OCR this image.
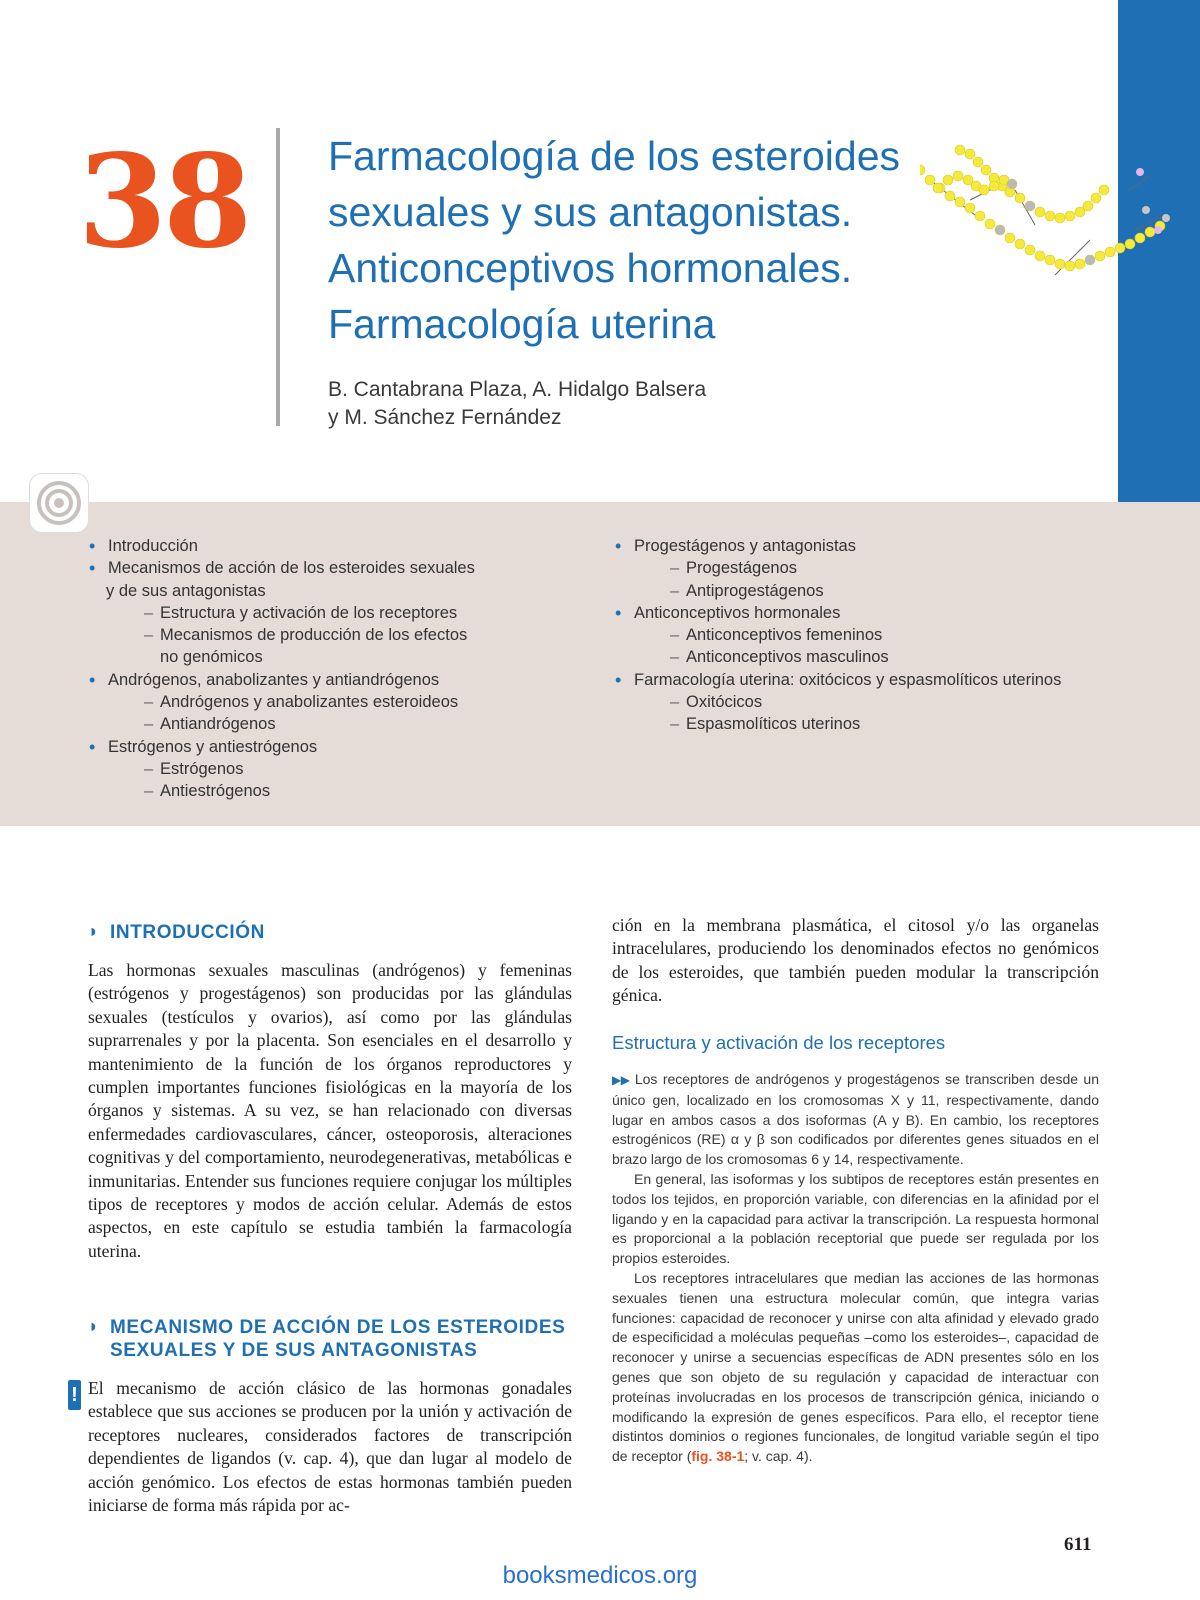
38 Farmacología de los esteroides
sexuales y sus antagonistas.
Anticonceptivos hormonales.
Farmacología uterina
B. Cantabrana Plaza, A. Hidalgo Balsera
y M. Sánchez Fernández
• Introducción
• Mecanismos de acción de los esteroides sexuales
y de sus antagonistas
– Estructura y activación de los receptores
– Mecanismos de producción de los efectos
no genómicos
• Andrógenos, anabolizantes y antiandrógenos
– Andrógenos y anabolizantes esteroideos
– Antiandrógenos
• Estrógenos y antiestrógenos
– Estrógenos
– Antiestrógenos
• Progestágenos y antagonistas
– Progestágenos
– Antiprogestágenos
• Anticonceptivos hormonales
– Anticonceptivos femeninos
– Anticonceptivos masculinos
• Farmacología uterina: oxitócicos y espasmolíticos uterinos
– Oxitócicos
– Espasmolíticos uterinos
◗ INTRODUCCIÓN

Las hormonas sexuales masculinas (andrógenos) y femeninas (estrógenos y progestágenos) son producidas por las glándulas sexuales (testículos y ovarios), así como por las glándulas suprarrenales y por la placenta. Son esenciales en el desarrollo y mantenimiento de la función de los órganos reproductores y cumplen importantes funciones fisiológicas en la mayoría de los órganos y sistemas. A su vez, se han relacionado con diversas enfermedades cardiovasculares, cáncer, osteoporosis, alteraciones cognitivas y del comportamiento, neurodegenerativas, metabólicas e inmunitarias. Entender sus funciones requiere conjugar los múltiples tipos de receptores y modos de acción celular. Además de estos aspectos, en este capítulo se estudia también la farmacología uterina.

◗ MECANISMO DE ACCIÓN DE LOS ESTEROIDES
SEXUALES Y DE SUS ANTAGONISTAS
! El mecanismo de acción clásico de las hormonas gonadales establece que sus acciones se producen por la unión y activación de receptores nucleares, considerados factores de transcripción dependientes de ligandos (v. cap. 4), que dan lugar al modelo de acción genómico. Los efectos de estas hormonas también pueden iniciarse de forma más rápida por ac-

ción en la membrana plasmática, el citosol y/o las organelas intracelulares, produciendo los denominados efectos no genómicos de los esteroides, que también pueden modular la transcripción génica.

Estructura y activación de los receptores

▶▶ Los receptores de andrógenos y progestágenos se transcriben desde un único gen, localizado en los cromosomas X y 11, respectivamente, dando lugar en ambos casos a dos isoformas (A y B). En cambio, los receptores estrogénicos (RE) α y β son codificados por diferentes genes situados en el brazo largo de los cromosomas 6 y 14, respectivamente.

En general, las isoformas y los subtipos de receptores están presentes en todos los tejidos, en proporción variable, con diferencias en la afinidad por el ligando y en la capacidad para activar la transcripción. La respuesta hormonal es proporcional a la población receptorial que puede ser regulada por los propios esteroides.

Los receptores intracelulares que median las acciones de las hormonas sexuales tienen una estructura molecular común, que integra varias funciones: capacidad de reconocer y unirse con alta afinidad y elevado grado de especificidad a moléculas pequeñas –como los esteroides–, capacidad de reconocer y unirse a secuencias específicas de ADN presentes sólo en los genes que son objeto de su regulación y capacidad de interactuar con proteínas involucradas en los procesos de transcripción génica, iniciando o modificando la expresión de genes específicos. Para ello, el receptor tiene distintos dominios o regiones funcionales, de longitud variable según el tipo de receptor (fig. 38-1; v. cap. 4).

611
booksmedicos.org
